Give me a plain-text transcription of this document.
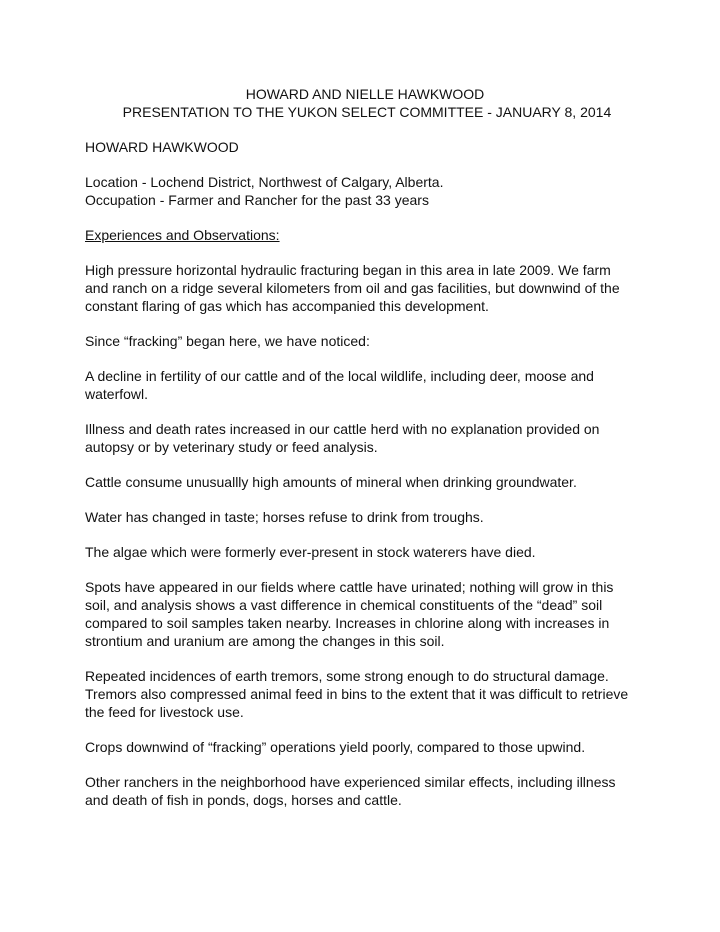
HOWARD AND NIELLE HAWKWOOD

PRESENTATION TO THE YUKON SELECT COMMITTEE - JANUARY 8, 2014

HOWARD HAWKWOOD

Location - Lochend District, Northwest of Calgary, Alberta.

Occupation - Farmer and Rancher for the past 33 years

Experiences and Observations:

High pressure horizontal hydraulic fracturing began in this area in late 2009. We farm

and ranch on a ridge several kilometers from oil and gas facilities, but downwind of the

constant flaring of gas which has accompanied this development.

Since “fracking” began here, we have noticed:

A decline in fertility of our cattle and of the local wildlife, including deer, moose and

waterfowl.

Illness and death rates increased in our cattle herd with no explanation provided on

autopsy or by veterinary study or feed analysis.

Cattle consume unusuallly high amounts of mineral when drinking groundwater.

Water has changed in taste; horses refuse to drink from troughs.

The algae which were formerly ever-present in stock waterers have died.

Spots have appeared in our fields where cattle have urinated; nothing will grow in this

soil, and analysis shows a vast difference in chemical constituents of the “dead” soil

compared to soil samples taken nearby. Increases in chlorine along with increases in

strontium and uranium are among the changes in this soil.

Repeated incidences of earth tremors, some strong enough to do structural damage.

Tremors also compressed animal feed in bins to the extent that it was difficult to retrieve

the feed for livestock use.

Crops downwind of “fracking” operations yield poorly, compared to those upwind.

Other ranchers in the neighborhood have experienced similar effects, including illness

and death of fish in ponds, dogs, horses and cattle.
